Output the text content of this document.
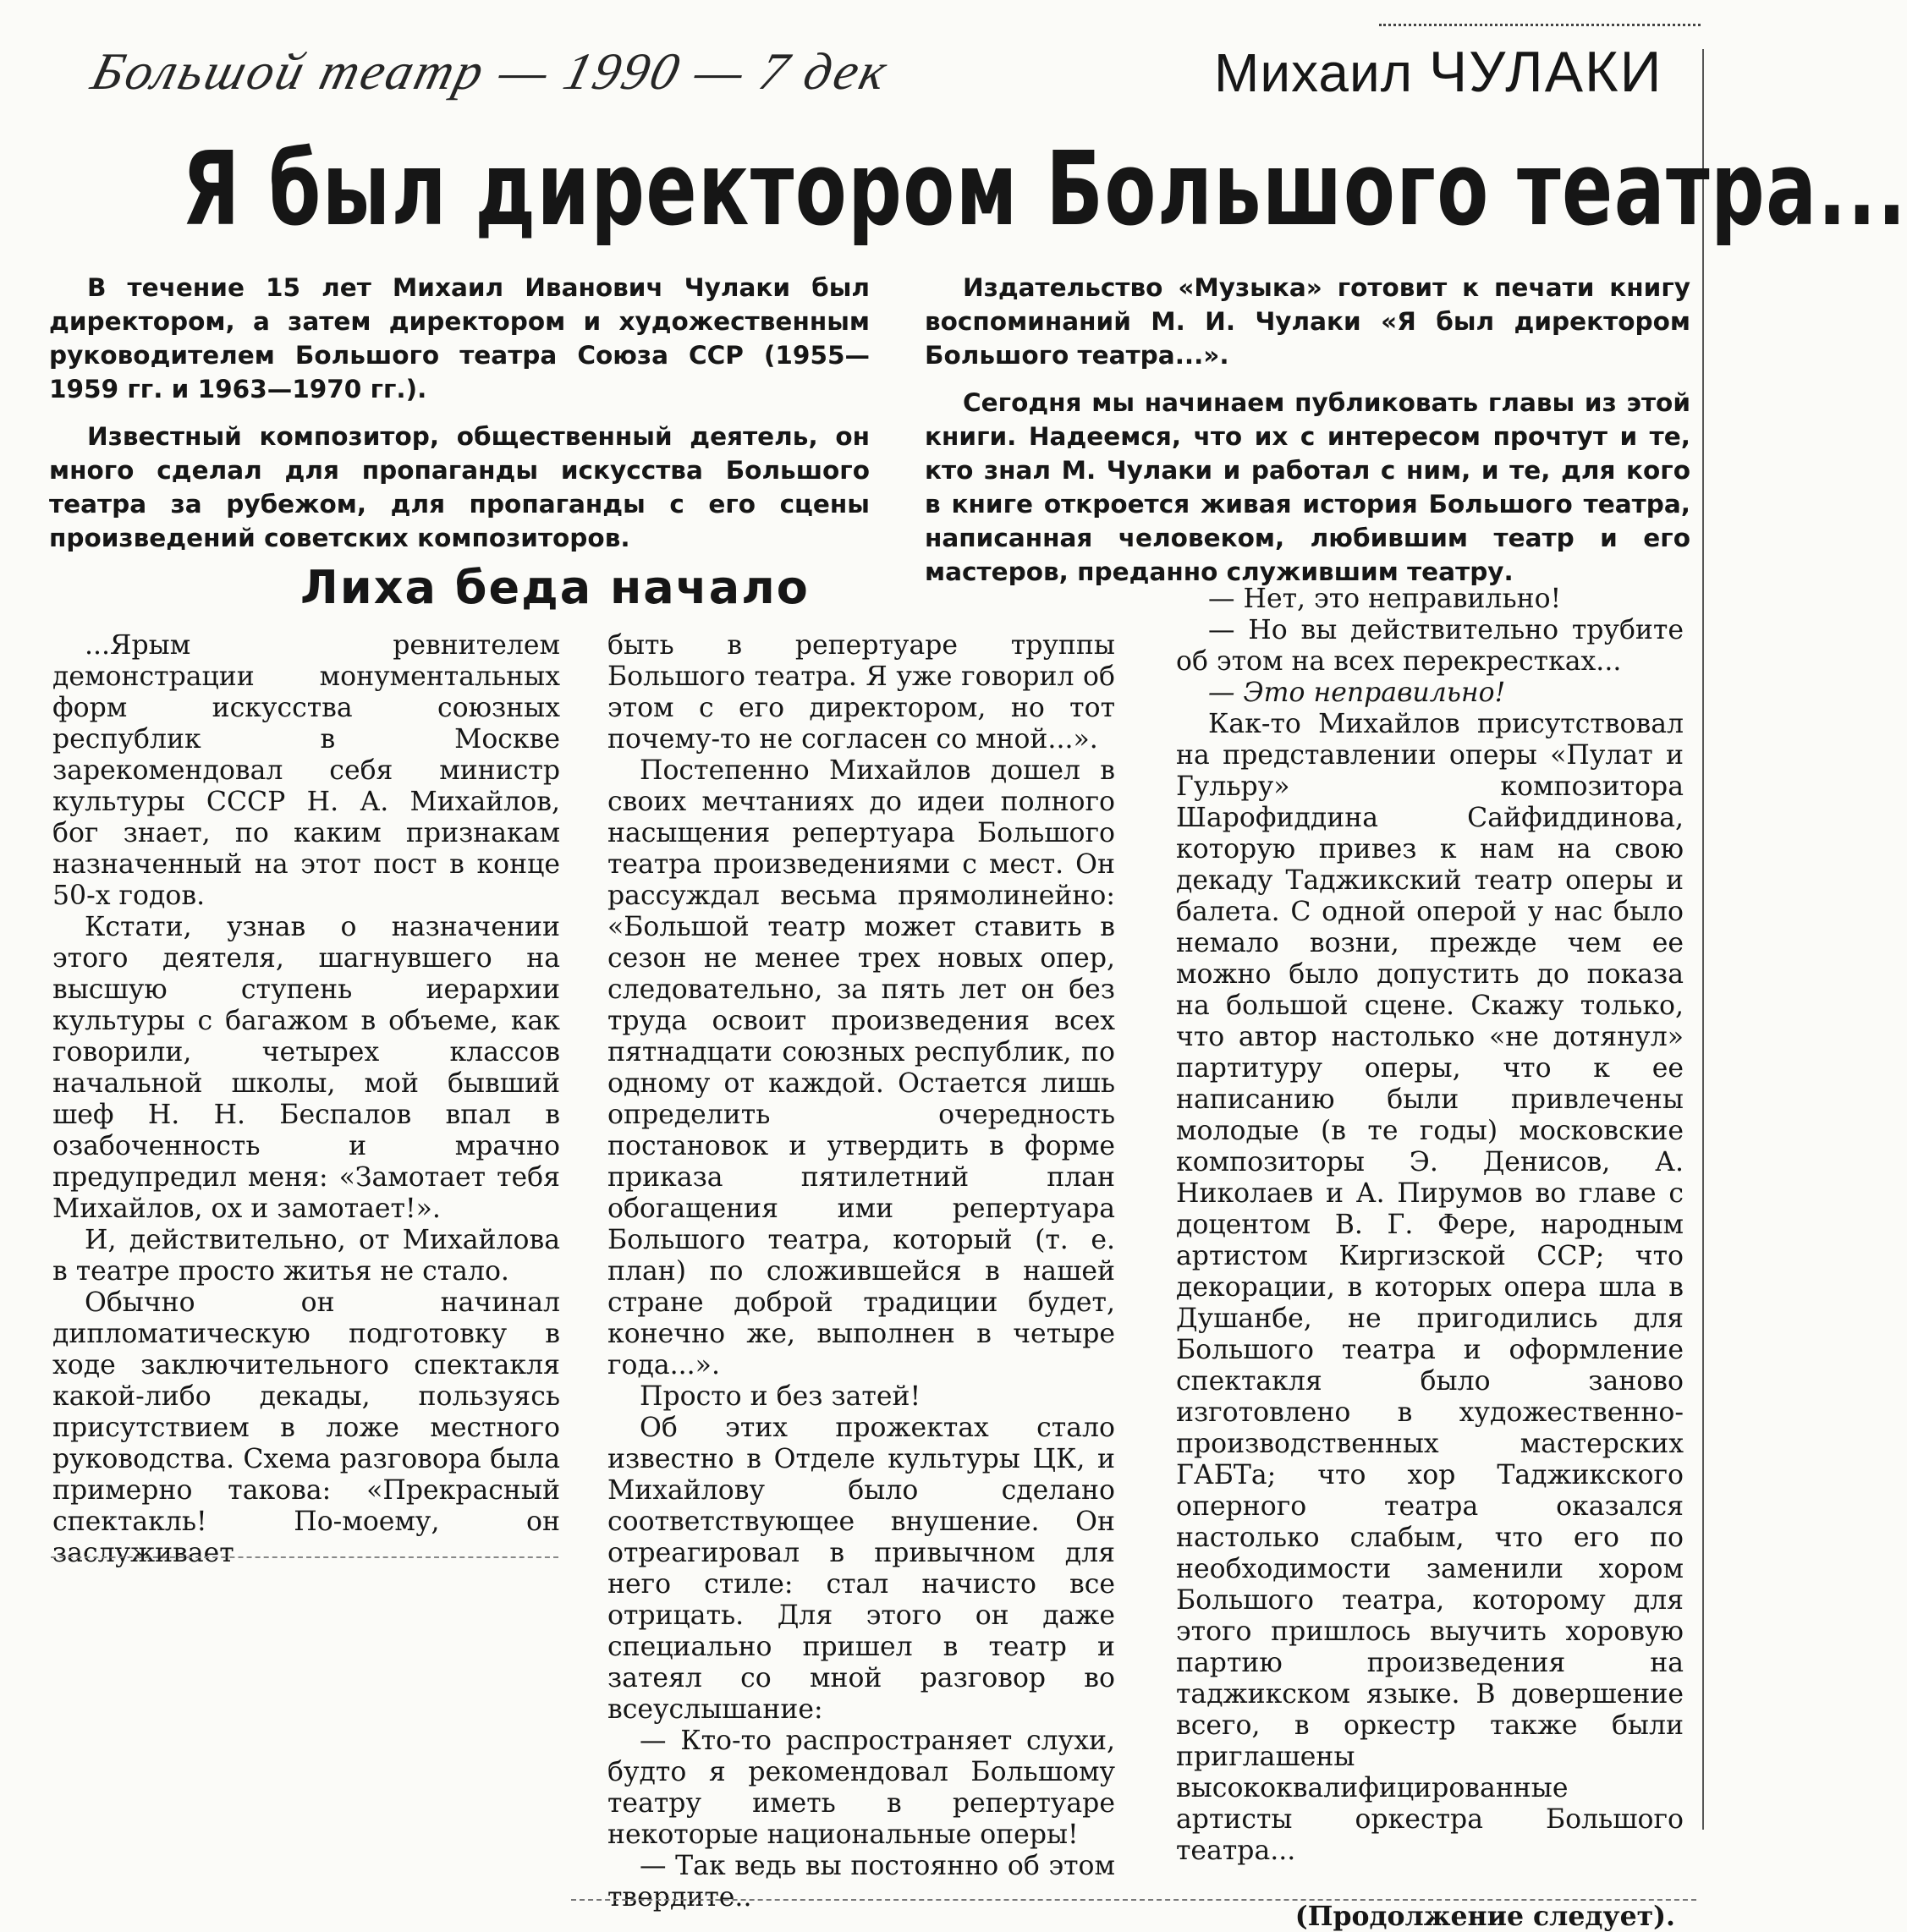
Большой театр — 1990 — 7 дек	Михаил ЧУЛАКИ
Я был директором Большого театра...

В течение 15 лет Михаил Иванович Чулаки был директором, а затем директором и художественным руководителем Большого театра Союза ССР (1955—1959 гг. и 1963—1970 гг.).

Известный композитор, общественный деятель, он много сделал для пропаганды искусства Большого театра за рубежом, для пропаганды с его сцены произведений советских композиторов.

Издательство «Музыка» готовит к печати книгу воспоминаний М. И. Чулаки «Я был директором Большого театра...».

Сегодня мы начинаем публиковать главы из этой книги. Надеемся, что их с интересом прочтут и те, кто знал М. Чулаки и работал с ним, и те, для кого в книге откроется живая история Большого театра, написанная человеком, любившим театр и его мастеров, преданно служившим театру.

Лиха беда начало

...Ярым ревнителем демонстрации монументальных форм искусства союзных республик в Москве зарекомендовал себя министр культуры СССР Н. А. Михайлов, бог знает, по каким признакам назначенный на этот пост в конце 50-х годов.

Кстати, узнав о назначении этого деятеля, шагнувшего на высшую ступень иерархии культуры с багажом в объеме, как говорили, четырех классов начальной школы, мой бывший шеф Н. Н. Беспалов впал в озабоченность и мрачно предупредил меня: «Замотает тебя Михайлов, ох и замотает!».

И, действительно, от Михайлова в театре просто житья не стало.

Обычно он начинал дипломатическую подготовку в ходе заключительного спектакля какой-либо декады, пользуясь присутствием в ложе местного руководства. Схема разговора была примерно такова: «Прекрасный спектакль! По-моему, он заслуживает

быть в репертуаре труппы Большого театра. Я уже говорил об этом с его директором, но тот почему-то не согласен со мной...».

Постепенно Михайлов дошел в своих мечтаниях до идеи полного насыщения репертуара Большого театра произведениями с мест. Он рассуждал весьма прямолинейно: «Большой театр может ставить в сезон не менее трех новых опер, следовательно, за пять лет он без труда освоит произведения всех пятнадцати союзных республик, по одному от каждой. Остается лишь определить очередность постановок и утвердить в форме приказа пятилетний план обогащения ими репертуара Большого театра, который (т. е. план) по сложившейся в нашей стране доброй традиции будет, конечно же, выполнен в четыре года...».

Просто и без затей!

Об этих прожектах стало известно в Отделе культуры ЦК, и Михайлову было сделано соответствующее внушение. Он отреагировал в привычном для него стиле: стал начисто все отрицать. Для этого он даже специально пришел в театр и затеял со мной разговор во всеуслышание:

— Кто-то распространяет слухи, будто я рекомендовал Большому театру иметь в репертуаре некоторые национальные оперы!

— Так ведь вы постоянно об этом твердите..

— Нет, это неправильно!

— Но вы действительно трубите об этом на всех перекрестках...

— Это неправильно!

Как-то Михайлов присутствовал на представлении оперы «Пулат и Гульру» композитора Шарофиддина Сайфиддинова, которую привез к нам на свою декаду Таджикский театр оперы и балета. С одной оперой у нас было немало возни, прежде чем ее можно было допустить до показа на большой сцене. Скажу только, что автор настолько «не дотянул» партитуру оперы, что к ее написанию были привлечены молодые (в те годы) московские композиторы Э. Денисов, А. Николаев и А. Пирумов во главе с доцентом В. Г. Фере, народным артистом Киргизской ССР; что декорации, в которых опера шла в Душанбе, не пригодились для Большого театра и оформление спектакля было заново изготовлено в художественно-производственных мастерских ГАБТа; что хор Таджикского оперного театра оказался настолько слабым, что его по необходимости заменили хором Большого театра, которому для этого пришлось выучить хоровую партию произведения на таджикском языке. В довершение всего, в оркестр также были приглашены высококвалифицированные артисты оркестра Большого театра...

(Продолжение следует).
